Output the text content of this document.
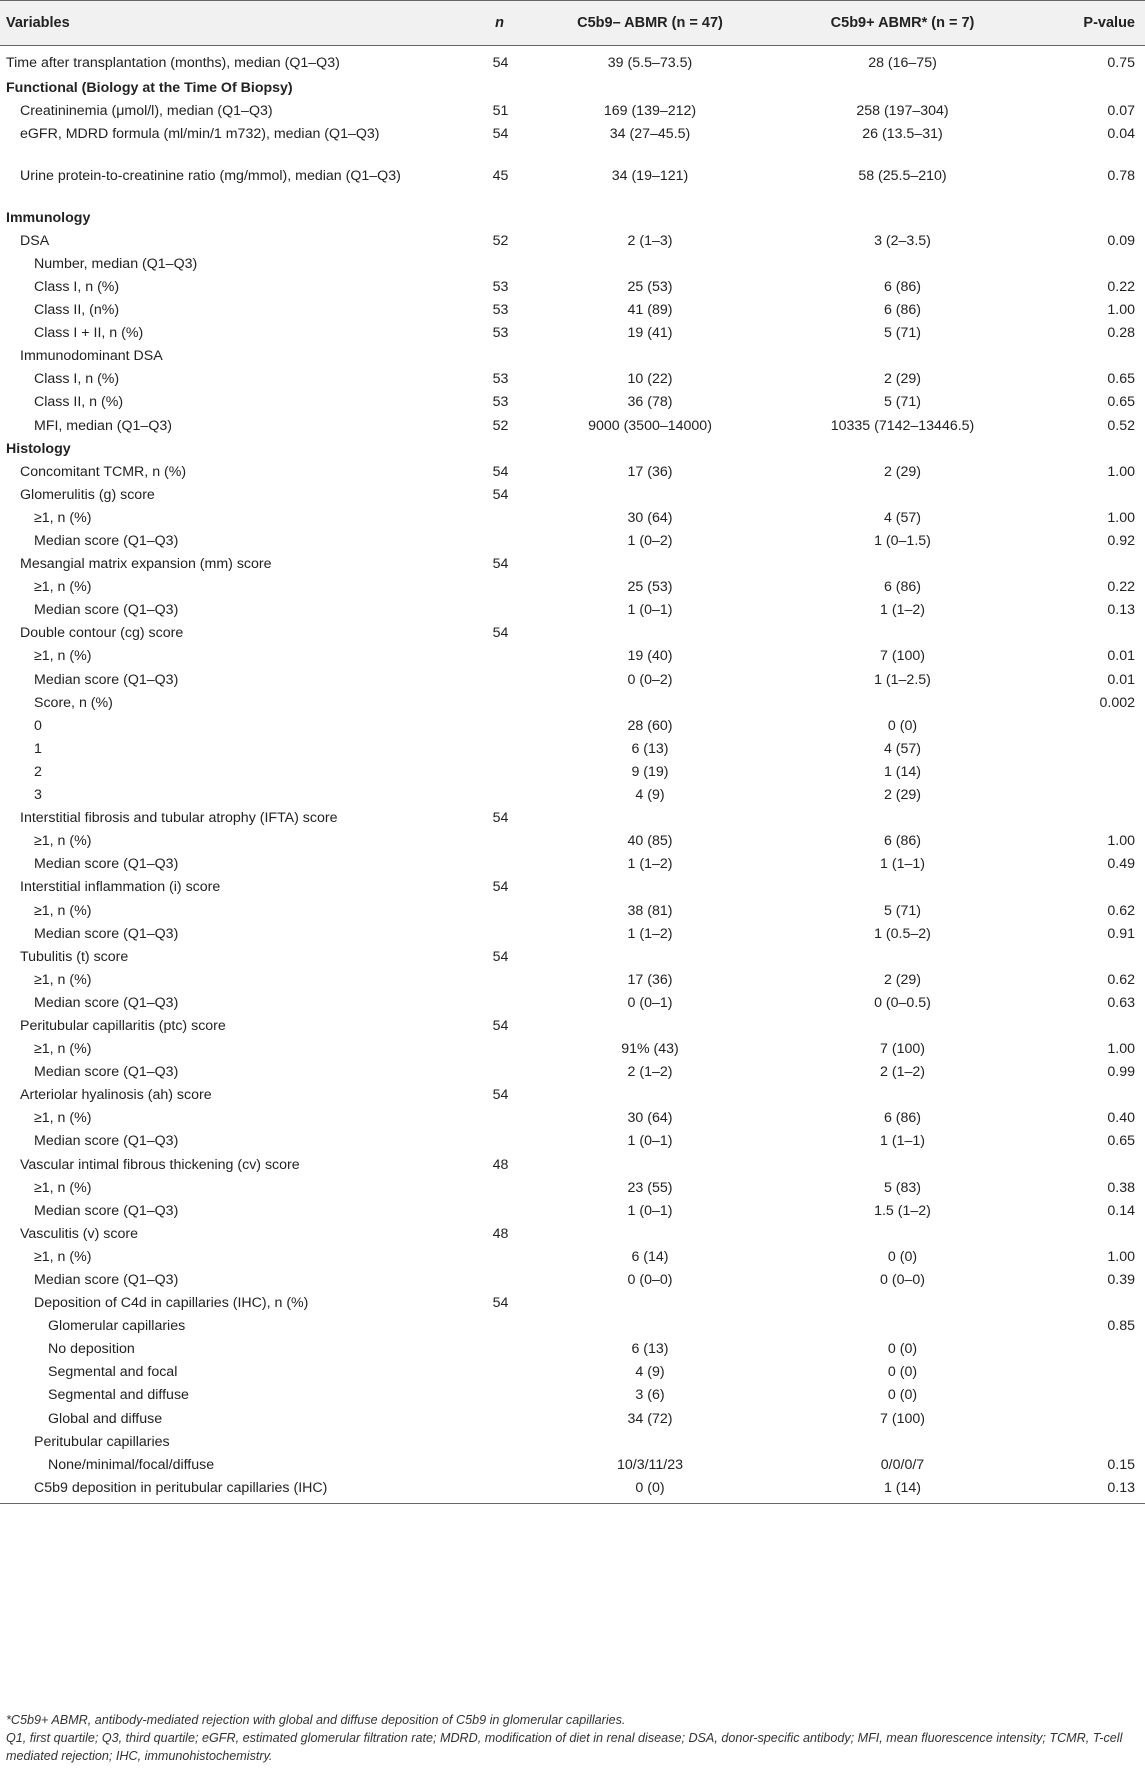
Variables	n	C5b9– ABMR (n = 47)	C5b9+ ABMR* (n = 7)	P-value
Time after transplantation (months), median (Q1–Q3)	54	39 (5.5–73.5)	28 (16–75)	0.75
Functional (Biology at the Time Of Biopsy)				
Creatininemia (μmol/l), median (Q1–Q3)	51	169 (139–212)	258 (197–304)	0.07
eGFR, MDRD formula (ml/min/1 m732), median (Q1–Q3)	54	34 (27–45.5)	26 (13.5–31)	0.04
Urine protein-to-creatinine ratio (mg/mmol), median (Q1–Q3)	45	34 (19–121)	58 (25.5–210)	0.78
Immunology				
DSA	52	2 (1–3)	3 (2–3.5)	0.09
Number, median (Q1–Q3)				
Class I, n (%)	53	25 (53)	6 (86)	0.22
Class II, (n%)	53	41 (89)	6 (86)	1.00
Class I + II, n (%)	53	19 (41)	5 (71)	0.28
Immunodominant DSA				
Class I, n (%)	53	10 (22)	2 (29)	0.65
Class II, n (%)	53	36 (78)	5 (71)	0.65
MFI, median (Q1–Q3)	52	9000 (3500–14000)	10335 (7142–13446.5)	0.52
Histology				
Concomitant TCMR, n (%)	54	17 (36)	2 (29)	1.00
Glomerulitis (g) score	54			
≥1, n (%)		30 (64)	4 (57)	1.00
Median score (Q1–Q3)		1 (0–2)	1 (0–1.5)	0.92
Mesangial matrix expansion (mm) score	54			
≥1, n (%)		25 (53)	6 (86)	0.22
Median score (Q1–Q3)		1 (0–1)	1 (1–2)	0.13
Double contour (cg) score	54			
≥1, n (%)		19 (40)	7 (100)	0.01
Median score (Q1–Q3)		0 (0–2)	1 (1–2.5)	0.01
Score, n (%)				0.002
0		28 (60)	0 (0)	
1		6 (13)	4 (57)	
2		9 (19)	1 (14)	
3		4 (9)	2 (29)	
Interstitial fibrosis and tubular atrophy (IFTA) score	54			
≥1, n (%)		40 (85)	6 (86)	1.00
Median score (Q1–Q3)		1 (1–2)	1 (1–1)	0.49
Interstitial inflammation (i) score	54			
≥1, n (%)		38 (81)	5 (71)	0.62
Median score (Q1–Q3)		1 (1–2)	1 (0.5–2)	0.91
Tubulitis (t) score	54			
≥1, n (%)		17 (36)	2 (29)	0.62
Median score (Q1–Q3)		0 (0–1)	0 (0–0.5)	0.63
Peritubular capillaritis (ptc) score	54			
≥1, n (%)		91% (43)	7 (100)	1.00
Median score (Q1–Q3)		2 (1–2)	2 (1–2)	0.99
Arteriolar hyalinosis (ah) score	54			
≥1, n (%)		30 (64)	6 (86)	0.40
Median score (Q1–Q3)		1 (0–1)	1 (1–1)	0.65
Vascular intimal fibrous thickening (cv) score	48			
≥1, n (%)		23 (55)	5 (83)	0.38
Median score (Q1–Q3)		1 (0–1)	1.5 (1–2)	0.14
Vasculitis (v) score	48			
≥1, n (%)		6 (14)	0 (0)	1.00
Median score (Q1–Q3)		0 (0–0)	0 (0–0)	0.39
Deposition of C4d in capillaries (IHC), n (%)	54			
Glomerular capillaries				0.85
No deposition		6 (13)	0 (0)	
Segmental and focal		4 (9)	0 (0)	
Segmental and diffuse		3 (6)	0 (0)	
Global and diffuse		34 (72)	7 (100)	
Peritubular capillaries				
None/minimal/focal/diffuse		10/3/11/23	0/0/0/7	0.15
C5b9 deposition in peritubular capillaries (IHC)		0 (0)	1 (14)	0.13

*C5b9+ ABMR, antibody-mediated rejection with global and diffuse deposition of C5b9 in glomerular capillaries.

Q1, first quartile; Q3, third quartile; eGFR, estimated glomerular filtration rate; MDRD, modification of diet in renal disease; DSA, donor-specific antibody; MFI, mean fluorescence intensity; TCMR, T-cell mediated rejection; IHC, immunohistochemistry.
